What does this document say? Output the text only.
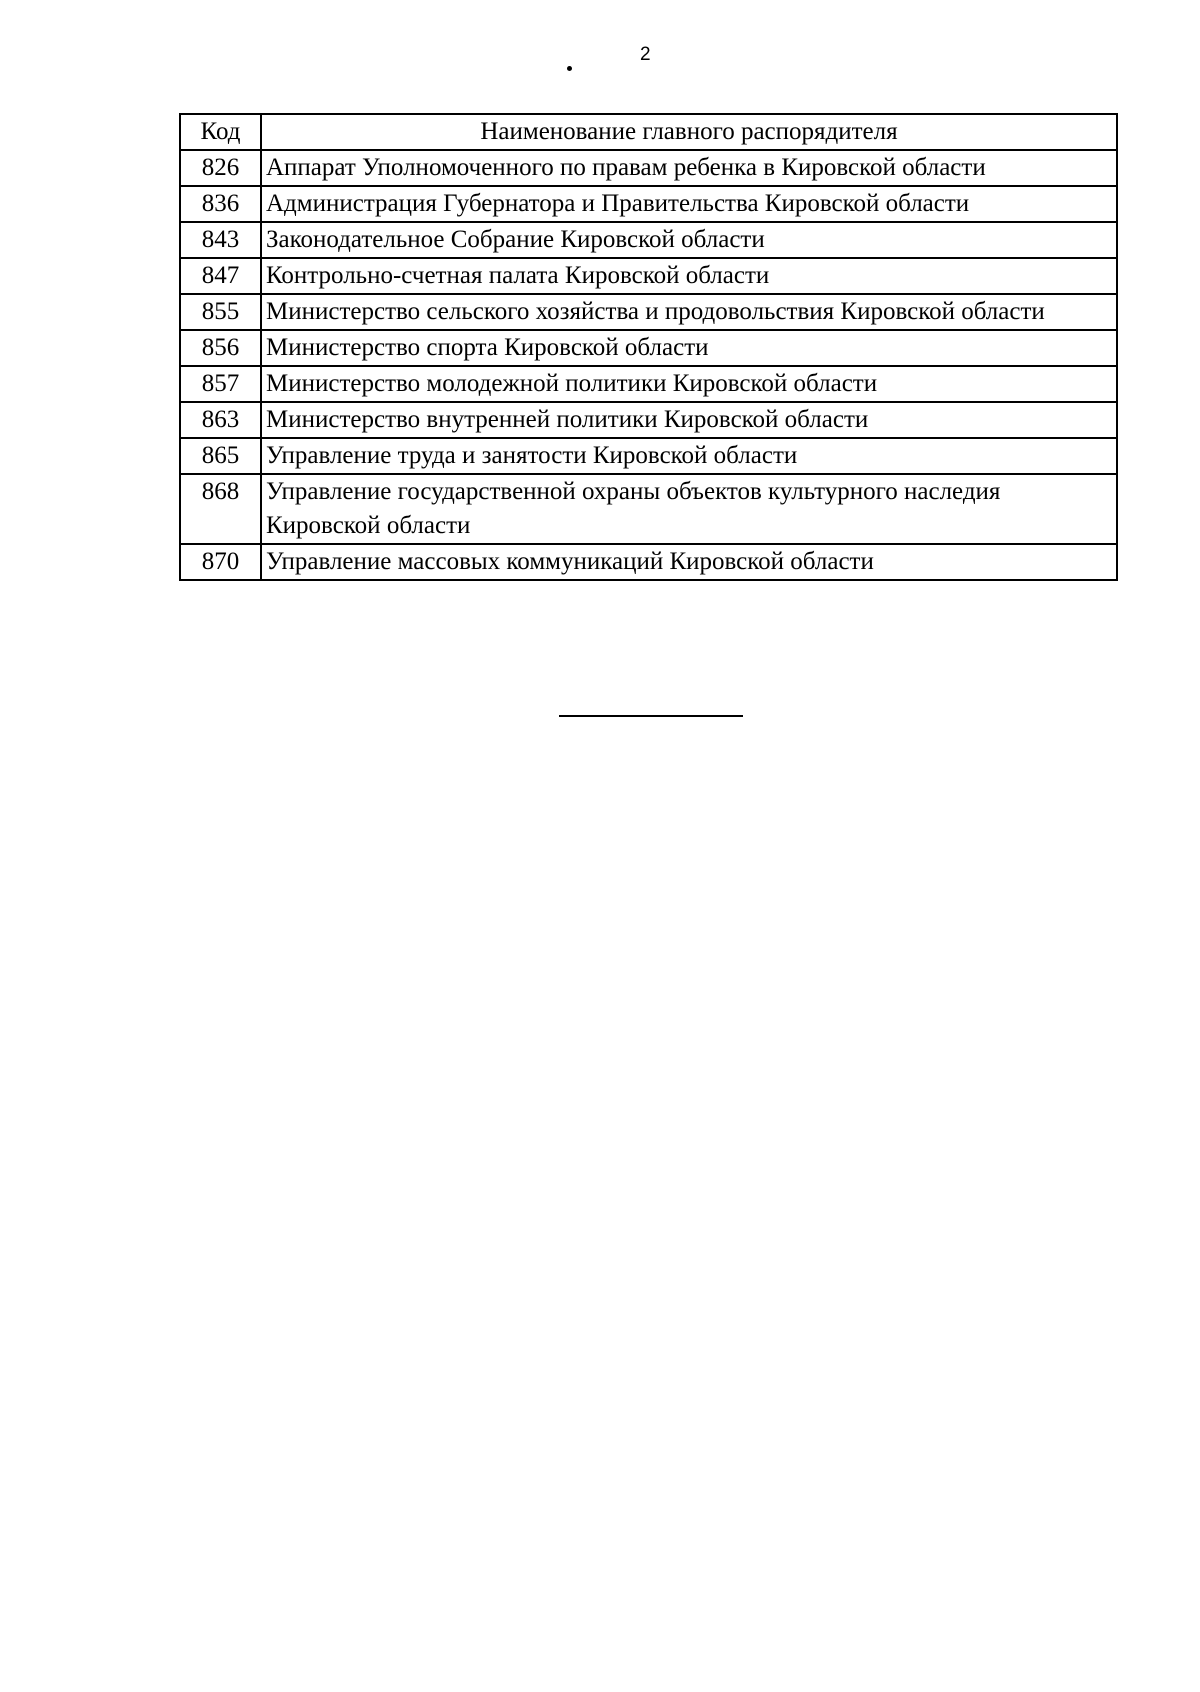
2
Код	Наименование главного распорядителя
826	Аппарат Уполномоченного по правам ребенка в Кировской области
836	Администрация Губернатора и Правительства Кировской области
843	Законодательное Собрание Кировской области
847	Контрольно-счетная палата Кировской области
855	Министерство сельского хозяйства и продовольствия Кировской области
856	Министерство спорта Кировской области
857	Министерство молодежной политики Кировской области
863	Министерство внутренней политики Кировской области
865	Управление труда и занятости Кировской области
868	Управление государственной охраны объектов культурного наследия Кировской области
870	Управление массовых коммуникаций Кировской области
